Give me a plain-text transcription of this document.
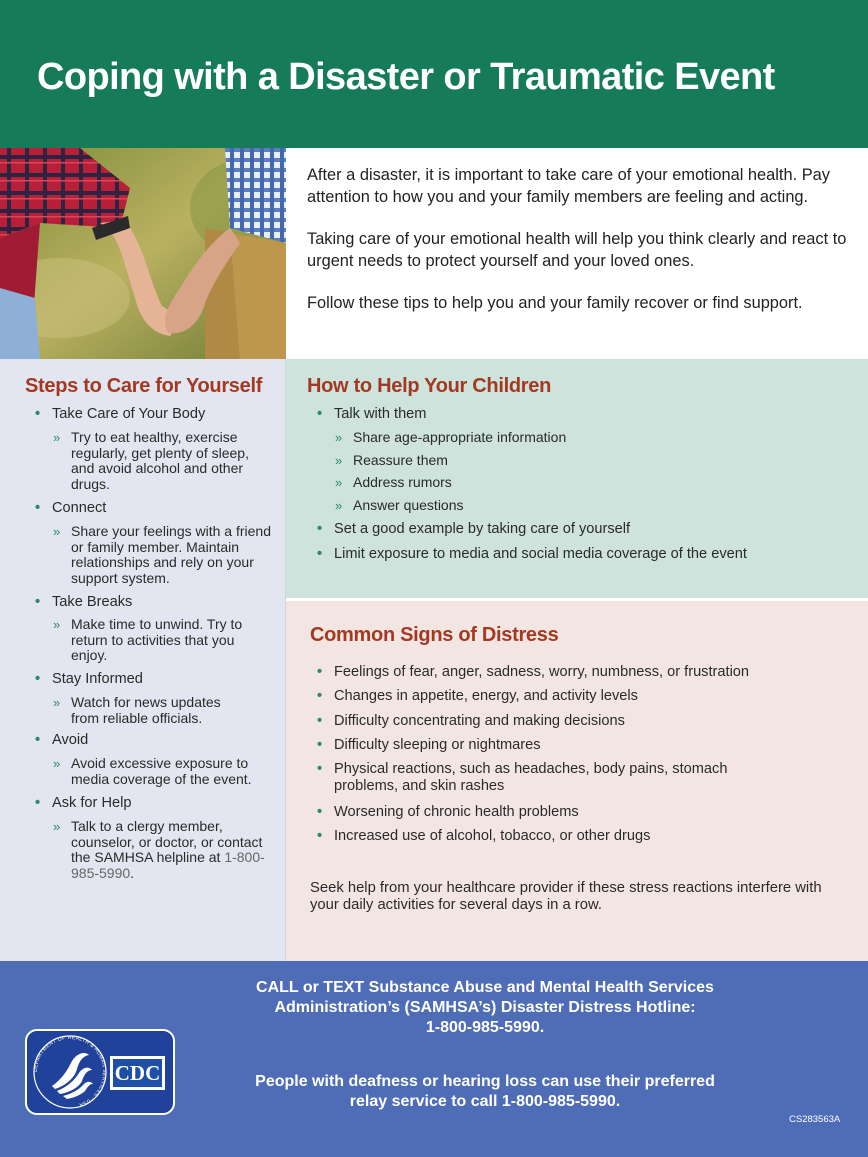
Coping with a Disaster or Traumatic Event

After a disaster, it is important to take care of your emotional health. Pay attention to how you and your family members are feeling and acting.

Taking care of your emotional health will help you think clearly and react to urgent needs to protect yourself and your loved ones.

Follow these tips to help you and your family recover or find support.

Steps to Care for Yourself

• Take Care of Your Body

» Try to eat healthy, exercise regularly, get plenty of sleep, and avoid alcohol and other drugs.

• Connect

» Share your feelings with a friend or family member. Maintain relationships and rely on your support system.

• Take Breaks

» Make time to unwind. Try to return to activities that you enjoy.

• Stay Informed

» Watch for news updates from reliable officials.

• Avoid

» Avoid excessive exposure to media coverage of the event.

• Ask for Help

» Talk to a clergy member, counselor, or doctor, or contact the SAMHSA helpline at 1-800-985-5990.

How to Help Your Children

• Talk with them

» Share age-appropriate information

» Reassure them

» Address rumors

» Answer questions

• Set a good example by taking care of yourself

• Limit exposure to media and social media coverage of the event

Common Signs of Distress

• Feelings of fear, anger, sadness, worry, numbness, or frustration

• Changes in appetite, energy, and activity levels

• Difficulty concentrating and making decisions

• Difficulty sleeping or nightmares

• Physical reactions, such as headaches, body pains, stomach problems, and skin rashes

• Worsening of chronic health problems

• Increased use of alcohol, tobacco, or other drugs

Seek help from your healthcare provider if these stress reactions interfere with your daily activities for several days in a row.

CALL or TEXT Substance Abuse and Mental Health Services

Administration’s (SAMHSA’s) Disaster Distress Hotline:

1-800-985-5990.

People with deafness or hearing loss can use their preferred

relay service to call 1-800-985-5990.

DEPARTMENT OF HEALTH & HUMAN SERVICES · USA
CDC

CS283563A
